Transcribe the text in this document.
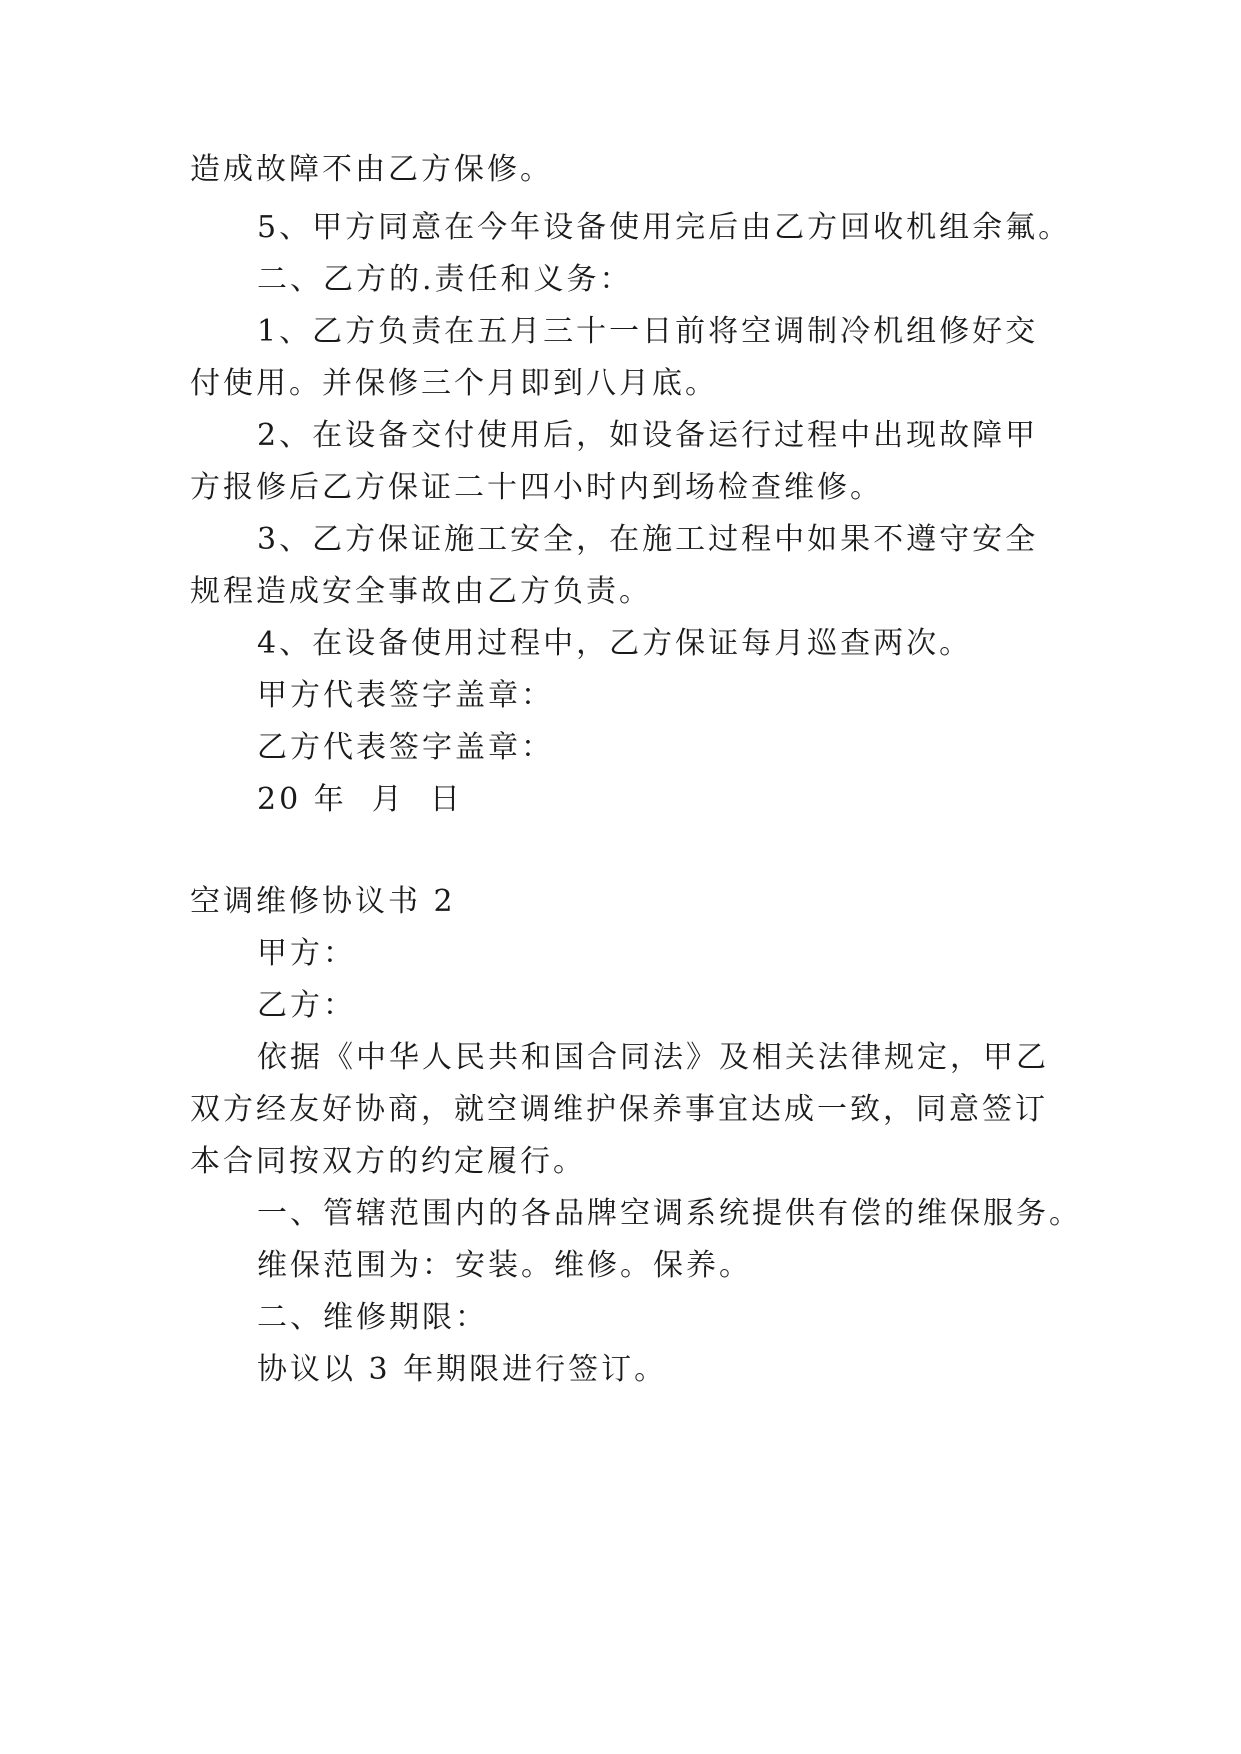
造成故障不由乙方保修。
5、甲方同意在今年设备使用完后由乙方回收机组余氟。
二、乙方的.责任和义务：
1、乙方负责在五月三十一日前将空调制冷机组修好交
付使用。并保修三个月即到八月底。
2、在设备交付使用后，如设备运行过程中出现故障甲
方报修后乙方保证二十四小时内到场检查维修。
3、乙方保证施工安全，在施工过程中如果不遵守安全
规程造成安全事故由乙方负责。
4、在设备使用过程中，乙方保证每月巡查两次。
甲方代表签字盖章：
乙方代表签字盖章：
20 年  月  日
空调维修协议书 2
甲方：
乙方：
依据《中华人民共和国合同法》及相关法律规定，甲乙
双方经友好协商，就空调维护保养事宜达成一致，同意签订
本合同按双方的约定履行。
一、管辖范围内的各品牌空调系统提供有偿的维保服务。
维保范围为：安装。维修。保养。
二、维修期限：
协议以 3 年期限进行签订。
